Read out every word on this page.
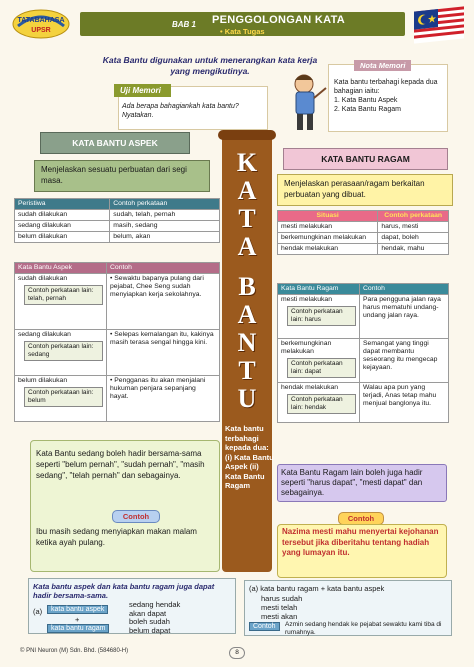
TATABAHASA
UPSR
BAB 1 PENGGOLONGAN KATA
• Kata Tugas
Kata Bantu digunakan untuk menerangkan kata kerja yang mengikutinya.
Uji Memori
Ada berapa bahagiankah kata bantu? Nyatakan.
Nota Memori
Kata bantu terbahagi kepada dua bahagian iaitu:
1. Kata Bantu Aspek
2. Kata Bantu Ragam
K
A
T
A
B
A
N
T
U
KATA BANTU ASPEK
Menjelaskan sesuatu perbuatan dari segi masa.
KATA BANTU RAGAM
Menjelaskan perasaan/ragam berkaitan perbuatan yang dibuat.
Peristiwa	Contoh perkataan
sudah dilakukan	sudah, telah, pernah
sedang dilakukan	masih, sedang
belum dilakukan	belum, akan
Kata Bantu Aspek	Contoh

sudah dilakukan
Contoh perkataan lain: telah, pernah	• Sewaktu bapanya pulang dari pejabat, Chee Seng sudah menyiapkan kerja sekolahnya.

sedang dilakukan
Contoh perkataan lain: sedang	• Selepas kemalangan itu, kakinya masih terasa sengal hingga kini.

belum dilakukan
Contoh perkataan lain: belum	• Pengganas itu akan menjalani hukuman penjara sepanjang hayat.
Situasi	Contoh perkataan
mesti melakukan	harus, mesti
berkemungkinan melakukan	dapat, boleh
hendak melakukan	hendak, mahu
Kata Bantu Ragam	Contoh

mesti melakukan
Contoh perkataan lain: harus	Para pengguna jalan raya harus mematuhi undang-undang jalan raya.

berkemungkinan melakukan
Contoh perkataan lain: dapat	Semangat yang tinggi dapat membantu seseorang itu mengecap kejayaan.

hendak melakukan
Contoh perkataan lain: hendak	Walau apa pun yang terjadi, Anas tetap mahu menjual banglonya itu.
Kata bantu terbahagi kepada dua: (i) Kata Bantu Aspek (ii) Kata Bantu Ragam
Kata Bantu sedang boleh hadir bersama-sama seperti "belum pernah", "sudah pernah", "masih sedang", "telah pernah" dan sebagainya.
Contoh
Ibu masih sedang menyiapkan makan malam ketika ayah pulang.
Kata Bantu Ragam lain boleh juga hadir seperti "harus dapat", "mesti dapat" dan sebagainya.
Contoh
Nazima mesti mahu menyertai kejohanan tersebut jika diberitahu tentang hadiah yang lumayan itu.
Kata bantu aspek dan kata bantu ragam juga dapat hadir bersama-sama.
(a)	kata bantu aspek
+
kata bantu ragam
sedang hendak
akan dapat
boleh sudah
belum dapat
(a) kata bantu ragam + kata bantu aspek
harus sudah
mesti telah
mesti akan
Contoh	Azmin sedang hendak ke pejabat sewaktu kami tiba di rumahnya.
© PNI Neuron (M) Sdn. Bhd. (584680-H)	8
